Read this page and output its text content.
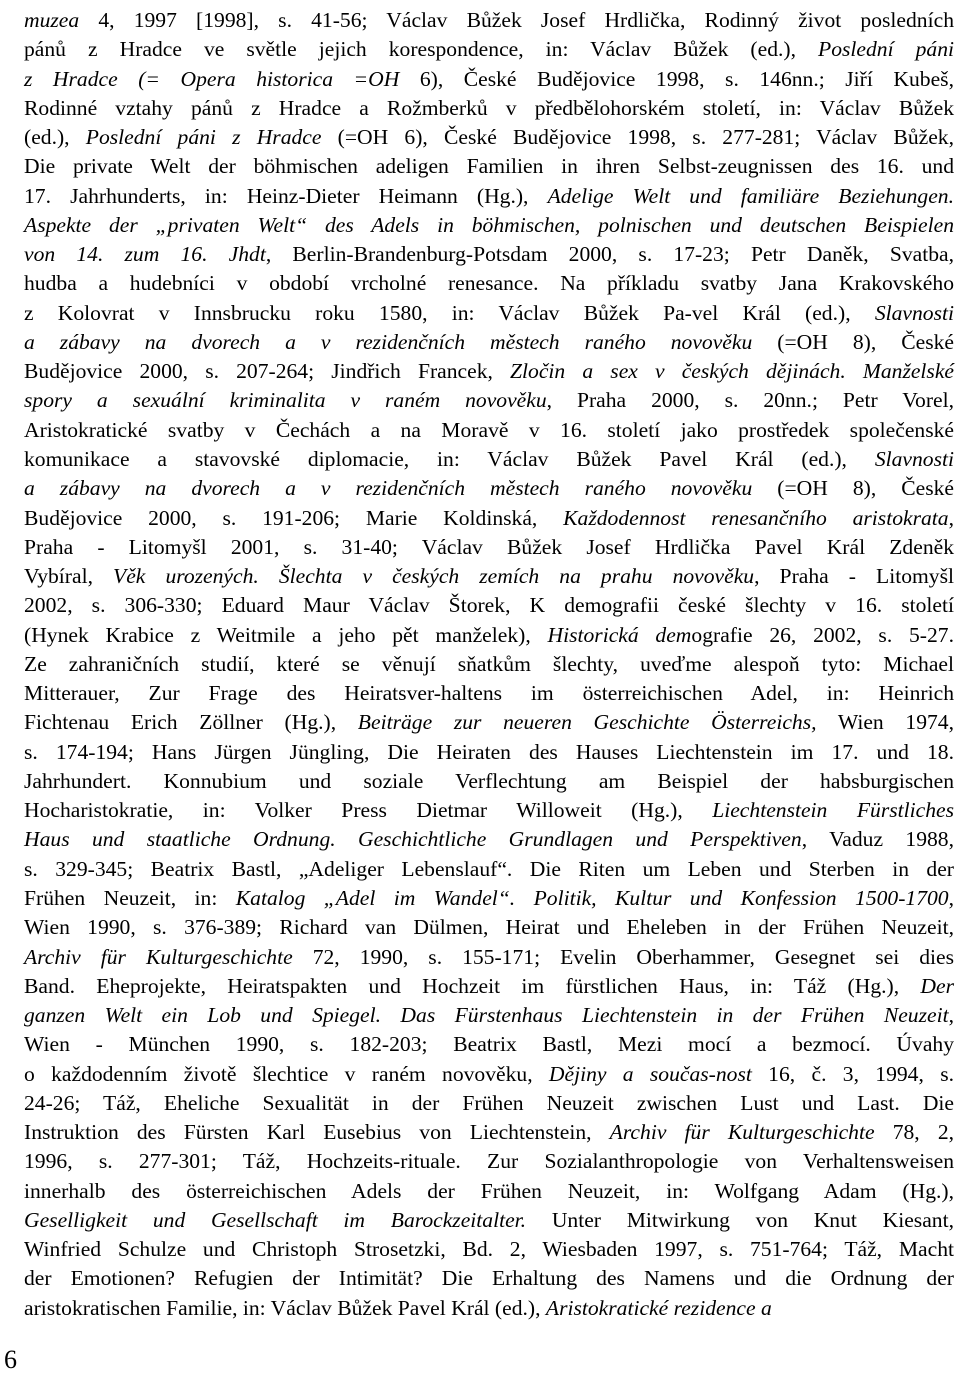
muzea 4, 1997 [1998], s. 41-56; Václav Bůžek Josef Hrdlička, Rodinný život posledních
pánů z Hradce ve světle jejich korespondence, in: Václav Bůžek (ed.), Poslední páni
z Hradce (= Opera historica =OH 6), České Budějovice 1998, s. 146nn.; Jiří Kubeš,
Rodinné vztahy pánů z Hradce a Rožmberků v předbělohorském století, in: Václav Bůžek
(ed.), Poslední páni z Hradce (=OH 6), České Budějovice 1998, s. 277-281; Václav Bůžek,
Die private Welt der böhmischen adeligen Familien in ihren Selbst-zeugnissen des 16. und
17. Jahrhunderts, in: Heinz-Dieter Heimann (Hg.), Adelige Welt und familiäre Beziehungen.
Aspekte der „privaten Welt“ des Adels in böhmischen, polnischen und deutschen Beispielen
von 14. zum 16. Jhdt, Berlin-Brandenburg-Potsdam 2000, s. 17-23; Petr Daněk, Svatba,
hudba a hudebníci v období vrcholné renesance. Na příkladu svatby Jana Krakovského
z Kolovrat v Innsbrucku roku 1580, in: Václav Bůžek Pa-vel Král (ed.), Slavnosti
a zábavy na dvorech a v rezidenčních městech raného novověku (=OH 8), České
Budějovice 2000, s. 207-264; Jindřich Francek, Zločin a sex v českých dějinách. Manželské
spory a sexuální kriminalita v raném novověku, Praha 2000, s. 20nn.; Petr Vorel,
Aristokratické svatby v Čechách a na Moravě v 16. století jako prostředek společenské
komunikace a stavovské diplomacie, in: Václav Bůžek Pavel Král (ed.), Slavnosti
a zábavy na dvorech a v rezidenčních městech raného novověku (=OH 8), České
Budějovice 2000, s. 191-206; Marie Koldinská, Každodennost renesančního aristokrata,
Praha - Litomyšl 2001, s. 31-40; Václav Bůžek Josef Hrdlička Pavel Král Zdeněk
Vybíral, Věk urozených. Šlechta v českých zemích na prahu novověku, Praha - Litomyšl
2002, s. 306-330; Eduard Maur Václav Štorek, K demografii české šlechty v 16. století
(Hynek Krabice z Weitmile a jeho pět manželek), Historická demografie 26, 2002, s. 5-27.
Ze zahraničních studií, které se věnují sňatkům šlechty, uveďme alespoň tyto: Michael
Mitterauer, Zur Frage des Heiratsver-haltens im österreichischen Adel, in: Heinrich
Fichtenau Erich Zöllner (Hg.), Beiträge zur neueren Geschichte Österreichs, Wien 1974,
s. 174-194; Hans Jürgen Jüngling, Die Heiraten des Hauses Liechtenstein im 17. und 18.
Jahrhundert. Konnubium und soziale Verflechtung am Beispiel der habsburgischen
Hocharistokratie, in: Volker Press Dietmar Willoweit (Hg.), Liechtenstein Fürstliches
Haus und staatliche Ordnung. Geschichtliche Grundlagen und Perspektiven, Vaduz 1988,
s. 329-345; Beatrix Bastl, „Adeliger Lebenslauf“. Die Riten um Leben und Sterben in der
Frühen Neuzeit, in: Katalog „Adel im Wandel“. Politik, Kultur und Konfession 1500-1700,
Wien 1990, s. 376-389; Richard van Dülmen, Heirat und Eheleben in der Frühen Neuzeit,
Archiv für Kulturgeschichte 72, 1990, s. 155-171; Evelin Oberhammer, Gesegnet sei dies
Band. Eheprojekte, Heiratspakten und Hochzeit im fürstlichen Haus, in: Táž (Hg.), Der
ganzen Welt ein Lob und Spiegel. Das Fürstenhaus Liechtenstein in der Frühen Neuzeit,
Wien - München 1990, s. 182-203; Beatrix Bastl, Mezi mocí a bezmocí. Úvahy
o každodenním životě šlechtice v raném novověku, Dějiny a součas-nost 16, č. 3, 1994, s.
24-26; Táž, Eheliche Sexualität in der Frühen Neuzeit zwischen Lust und Last. Die
Instruktion des Fürsten Karl Eusebius von Liechtenstein, Archiv für Kulturgeschichte 78, 2,
1996, s. 277-301; Táž, Hochzeits-rituale. Zur Sozialanthropologie von Verhaltensweisen
innerhalb des österreichischen Adels der Frühen Neuzeit, in: Wolfgang Adam (Hg.),
Geselligkeit und Gesellschaft im Barockzeitalter. Unter Mitwirkung von Knut Kiesant,
Winfried Schulze und Christoph Strosetzki, Bd. 2, Wiesbaden 1997, s. 751-764; Táž, Macht
der Emotionen? Refugien der Intimität? Die Erhaltung des Namens und die Ordnung der
aristokratischen Familie, in: Václav Bůžek Pavel Král (ed.), Aristokratické rezidence a
6
